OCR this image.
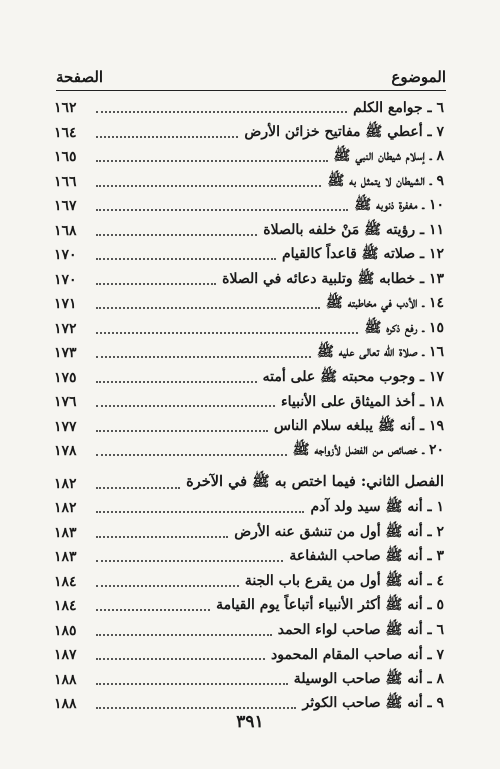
الصفحة	الموضوع
٦ ـ جوامع الكلم
١٦٢
٧ ـ أعطي ﷺ مفاتيح خزائن الأرض
١٦٤
٨ ـ إسلام شيطان النبي ﷺ
١٦٥
٩ ـ الشيطان لا يتمثل به ﷺ
١٦٦
١٠ ـ مغفرة ذنوبه ﷺ
١٦٧
١١ ـ رؤيته ﷺ مَنْ خلفه بالصلاة
١٦٨
١٢ ـ صلاته ﷺ قاعداً كالقيام
١٧٠
١٣ ـ خطابه ﷺ وتلبية دعائه في الصلاة
١٧٠
١٤ ـ الأدب في مخاطبته ﷺ
١٧١
١٥ ـ رفع ذكره ﷺ
١٧٢
١٦ ـ صلاة الله تعالى عليه ﷺ
١٧٣
١٧ ـ وجوب محبته ﷺ على أمته
١٧٥
١٨ ـ أخذ الميثاق على الأنبياء
١٧٦
١٩ ـ أنه ﷺ يبلغه سلام الناس
١٧٧
٢٠ ـ خصائص من الفضل لأزواجه ﷺ
١٧٨
الفصل الثاني: فيما اختص به ﷺ في الآخرة
١٨٢
١ ـ أنه ﷺ سيد ولد آدم
١٨٢
٢ ـ أنه ﷺ أول من تنشق عنه الأرض
١٨٣
٣ ـ أنه ﷺ صاحب الشفاعة
١٨٣
٤ ـ أنه ﷺ أول من يقرع باب الجنة
١٨٤
٥ ـ أنه ﷺ أكثر الأنبياء أتباعاً يوم القيامة
١٨٤
٦ ـ أنه ﷺ صاحب لواء الحمد
١٨٥
٧ ـ أنه صاحب المقام المحمود
١٨٧
٨ ـ أنه ﷺ صاحب الوسيلة
١٨٨
٩ ـ أنه ﷺ صاحب الكوثر
١٨٨
٣٩١
